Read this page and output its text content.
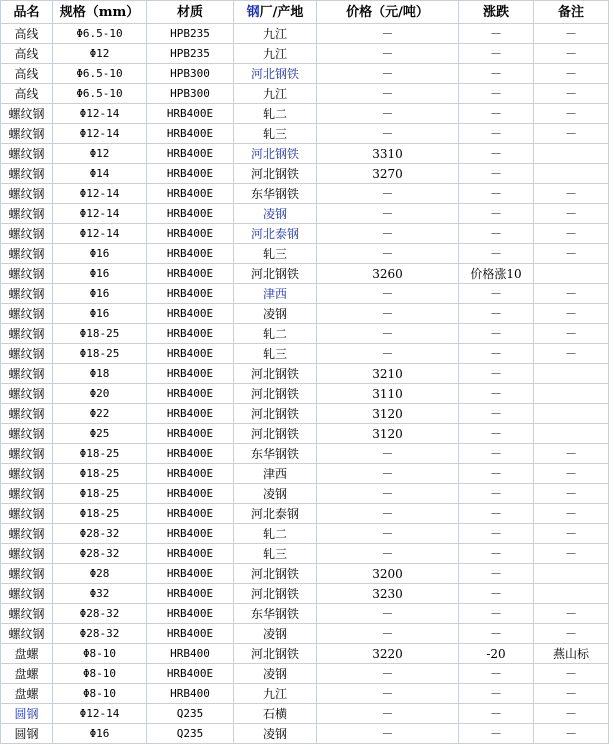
品名	规格（mm）	材质	钢厂/产地	价格（元/吨）	涨跌	备注
高线	Φ6.5-10	HPB235	九江	－	－	－
高线	Φ12	HPB235	九江	－	－	－
高线	Φ6.5-10	HPB300	河北钢铁	－	－	－
高线	Φ6.5-10	HPB300	九江	－	－	－
螺纹钢	Φ12-14	HRB400E	轧二	－	－	－
螺纹钢	Φ12-14	HRB400E	轧三	－	－	－
螺纹钢	Φ12	HRB400E	河北钢铁	3310	－	
螺纹钢	Φ14	HRB400E	河北钢铁	3270	－	
螺纹钢	Φ12-14	HRB400E	东华钢铁	－	－	－
螺纹钢	Φ12-14	HRB400E	凌钢	－	－	－
螺纹钢	Φ12-14	HRB400E	河北泰钢	－	－	－
螺纹钢	Φ16	HRB400E	轧三	－	－	－
螺纹钢	Φ16	HRB400E	河北钢铁	3260	价格涨10	
螺纹钢	Φ16	HRB400E	津西	－	－	－
螺纹钢	Φ16	HRB400E	凌钢	－	－	－
螺纹钢	Φ18-25	HRB400E	轧二	－	－	－
螺纹钢	Φ18-25	HRB400E	轧三	－	－	－
螺纹钢	Φ18	HRB400E	河北钢铁	3210	－	
螺纹钢	Φ20	HRB400E	河北钢铁	3110	－	
螺纹钢	Φ22	HRB400E	河北钢铁	3120	－	
螺纹钢	Φ25	HRB400E	河北钢铁	3120	－	
螺纹钢	Φ18-25	HRB400E	东华钢铁	－	－	－
螺纹钢	Φ18-25	HRB400E	津西	－	－	－
螺纹钢	Φ18-25	HRB400E	凌钢	－	－	－
螺纹钢	Φ18-25	HRB400E	河北泰钢	－	－	－
螺纹钢	Φ28-32	HRB400E	轧二	－	－	－
螺纹钢	Φ28-32	HRB400E	轧三	－	－	－
螺纹钢	Φ28	HRB400E	河北钢铁	3200	－	
螺纹钢	Φ32	HRB400E	河北钢铁	3230	－	
螺纹钢	Φ28-32	HRB400E	东华钢铁	－	－	－
螺纹钢	Φ28-32	HRB400E	凌钢	－	－	－
盘螺	Φ8-10	HRB400	河北钢铁	3220	-20	燕山标
盘螺	Φ8-10	HRB400E	凌钢	－	－	－
盘螺	Φ8-10	HRB400	九江	－	－	－
圆钢	Φ12-14	Q235	石横	－	－	－
圆钢	Φ16	Q235	凌钢	－	－	－
